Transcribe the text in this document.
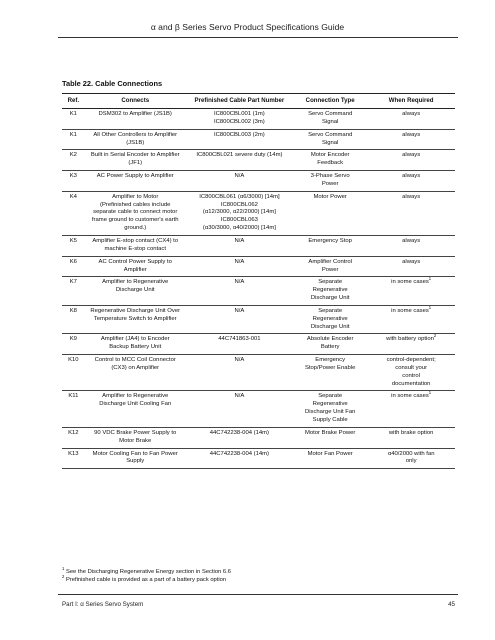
α and β Series Servo Product Specifications Guide
Table 22. Cable Connections
Ref.	Connects	Prefinished Cable Part Number	Connection Type	When Required
K1	DSM302 to Amplifier (JS1B)	IC800CBL001 (1m)
IC800CBL002 (3m)	Servo Command
Signal	always

K1	All Other Controllers to Amplifier
(JS1B)	IC800CBL003 (2m)	Servo Command
Signal	always

K2	Built in Serial Encoder to Amplifier
(JF1)	IC800CBL021 severe duty (14m)	Motor Encoder
Feedback	always

K3	AC Power Supply to Amplifier	N/A	3-Phase Servo
Power	always

K4	Amplifier to Motor
(Prefinished cables include
separate cable to connect motor
frame ground to customer's earth
ground.)	IC800CBL061 (α6/3000) [14m]
IC800CBL062
(α12/3000, α22/2000) [14m]
IC800CBL063
(α30/3000, α40/2000) [14m]	Motor Power	always

K5	Amplifier E-stop contact (CX4) to
machine E-stop contact	N/A	Emergency Stop	always

K6	AC Control Power Supply to
Amplifier	N/A	Amplifier Control
Power	always

K7	Amplifier to Regenerative
Discharge Unit	N/A	Separate
Regenerative
Discharge Unit	in some cases$^1$

K8	Regenerative Discharge Unit Over
Temperature Switch to Amplifier	N/A	Separate
Regenerative
Discharge Unit	in some cases$^1$

K9	Amplifier (JA4) to Encoder
Backup Battery Unit	44C741863-001	Absolute Encoder
Battery	with battery option$^2$

K10	Control to MCC Coil Connector
(CX3) on Amplifier	N/A	Emergency
Stop/Power Enable	control-dependent;
consult your
control
documentation

K11	Amplifier to Regenerative
Discharge Unit Cooling Fan	N/A	Separate
Regenerative
Discharge Unit Fan
Supply Cable	in some cases$^1$

K12	90 VDC Brake Power Supply to
Motor Brake	44C742238-004 (14m)	Motor Brake Power	with brake option

K13	Motor Cooling Fan to Fan Power
Supply	44C742238-004 (14m)	Motor Fan Power	α40/2000 with fan
only
$^1$ See the Discharging Regenerative Energy section in Section 6.6
$^2$ Prefinished cable is provided as a part of a battery pack option
Part I: α Series Servo System	45
